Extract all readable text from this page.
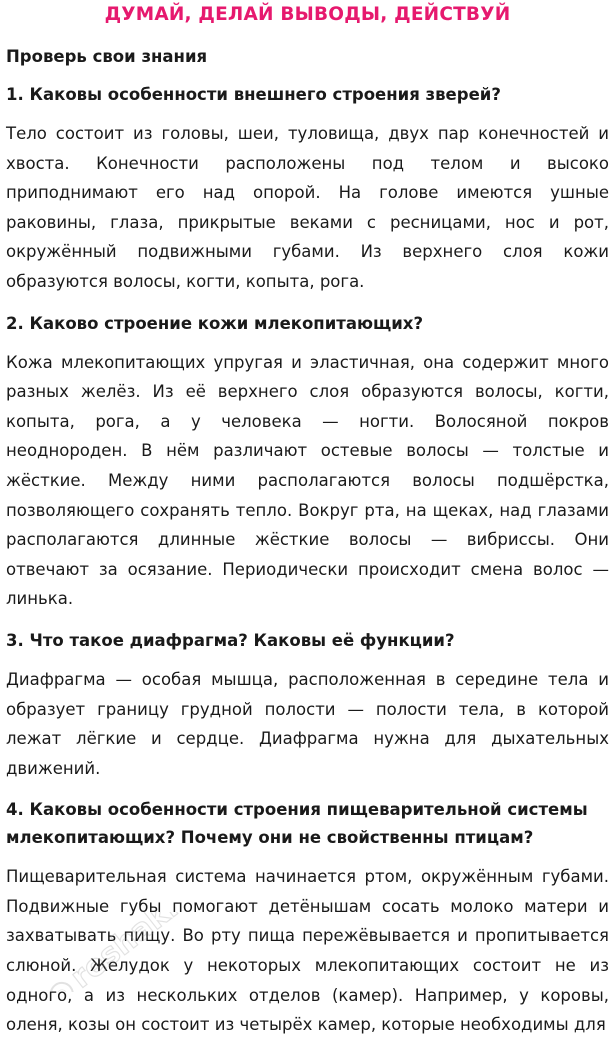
ДУМАЙ, ДЕЛАЙ ВЫВОДЫ, ДЕЙСТВУЙ
Проверь свои знания
1. Каковы особенности внешнего строения зверей?

Тело состоит из головы, шеи, туловища, двух пар конечностей и хвоста. Конечности расположены под телом и высоко приподнимают его над опорой. На голове имеются ушные раковины, глаза, прикрытые веками с ресницами, нос и рот, окружённый подвижными губами. Из верхнего слоя кожи образуются волосы, когти, копыта, рога.

2. Каково строение кожи млекопитающих?

Кожа млекопитающих упругая и эластичная, она содержит много разных желёз. Из её верхнего слоя образуются волосы, когти, копыта, рога, а у человека — ногти. Волосяной покров неоднороден. В нём различают остевые волосы — толстые и жёсткие. Между ними располагаются волосы подшёрстка, позволяющего сохранять тепло. Вокруг рта, на щеках, над глазами располагаются длинные жёсткие волосы — вибриссы. Они отвечают за осязание. Периодически происходит смена волос — линька.

3. Что такое диафрагма? Каковы её функции?

Диафрагма — особая мышца, расположенная в середине тела и образует границу грудной полости — полости тела, в которой лежат лёгкие и сердце. Диафрагма нужна для дыхательных движений.

4. Каковы особенности строения пищеварительной системы млекопитающих? Почему они не свойственны птицам?

Пищеварительная система начинается ртом, окружённым губами. Подвижные губы помогают детёнышам сосать молоко матери и захватывать пищу. Во рту пища пережёвывается и пропитывается слюной. Желудок у некоторых млекопитающих состоит не из одного, а из нескольких отделов (камер). Например, у коровы, оленя, козы он состоит из четырёх камер, которые необходимы для

reshak.ru
